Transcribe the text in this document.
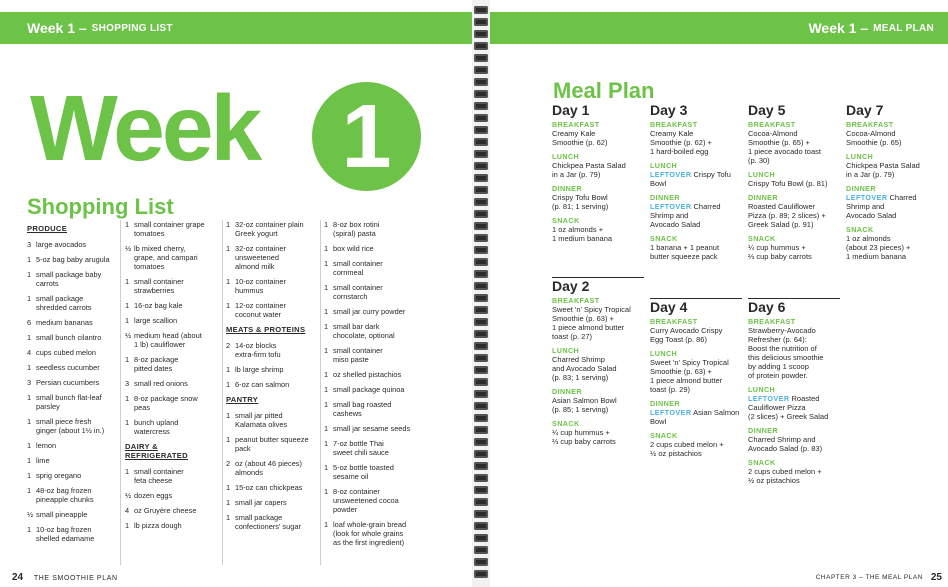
Week 1 – SHOPPING LIST	Week 1 – MEAL PLAN
Week 1
Shopping List
PRODUCE
3 large avocados
1 5-oz bag baby arugula
1 small package baby
carrots
1 small package
shredded carrots
6 medium bananas
1 small bunch cilantro
4 cups cubed melon
1 seedless cucumber
3 Persian cucumbers
1 small bunch flat-leaf
parsley
1 small piece fresh
ginger (about 1½ in.)
1 lemon
1 lime
1 sprig oregano
1 48-oz bag frozen
pineapple chunks
½ small pineapple
1 10-oz bag frozen
shelled edamame
1 small container grape
tomatoes
½ lb mixed cherry,
grape, and campari
tomatoes
1 small container
strawberries
1 16-oz bag kale
1 large scallion
½ medium head (about
1 lb) cauliflower
1 8-oz package
pitted dates
3 small red onions
1 8-oz package snow
peas
1 bunch upland
watercress
DAIRY &
REFRIGERATED
1 small container
feta cheese
½ dozen eggs
4 oz Gruyère cheese
1 lb pizza dough
1 32-oz container plain
Greek yogurt
1 32-oz container
unsweetened
almond milk
1 10-oz container
hummus
1 12-oz container
coconut water
MEATS & PROTEINS
2 14-oz blocks
extra-firm tofu
1 lb large shrimp
1 6-oz can salmon
PANTRY
1 small jar pitted
Kalamata olives
1 peanut butter squeeze
pack
2 oz (about 46 pieces)
almonds
1 15-oz can chickpeas
1 small jar capers
1 small package
confectioners' sugar
1 8-oz box rotini
(spiral) pasta
1 box wild rice
1 small container
cornmeal
1 small container
cornstarch
1 small jar curry powder
1 small bar dark
chocolate, optional
1 small container
miso paste
1 oz shelled pistachios
1 small package quinoa
1 small bag roasted
cashews
1 small jar sesame seeds
1 7-oz bottle Thai
sweet chili sauce
1 5-oz bottle toasted
sesame oil
1 8-oz container
unsweetened cocoa
powder
1 loaf whole-grain bread
(look for whole grains
as the first ingredient)
24 THE SMOOTHIE PLAN	CHAPTER 3 – THE MEAL PLAN 25
Meal Plan
Day 1
BREAKFAST
Creamy Kale
Smoothie (p. 62)
LUNCH
Chickpea Pasta Salad
in a Jar (p. 79)
DINNER
Crispy Tofu Bowl
(p. 81; 1 serving)
SNACK
1 oz almonds +
1 medium banana
Day 2
BREAKFAST
Sweet 'n' Spicy Tropical
Smoothie (p. 63) +
1 piece almond butter
toast (p. 27)
LUNCH
Charred Shrimp
and Avocado Salad
(p. 83; 1 serving)
DINNER
Asian Salmon Bowl
(p. 85; 1 serving)
SNACK
¼ cup hummus +
⅔ cup baby carrots
Day 3
BREAKFAST
Creamy Kale
Smoothie (p. 62) +
1 hard-boiled egg
LUNCH
LEFTOVER Crispy Tofu Bowl
DINNER
LEFTOVER Charred Shrimp and
Avocado Salad
SNACK
1 banana + 1 peanut
butter squeeze pack
Day 4
BREAKFAST
Curry Avocado Crispy
Egg Toast (p. 86)
LUNCH
Sweet 'n' Spicy Tropical
Smoothie (p. 63) +
1 piece almond butter
toast (p. 29)
DINNER
LEFTOVER Asian Salmon Bowl
SNACK
2 cups cubed melon +
½ oz pistachios
Day 5
BREAKFAST
Cocoa-Almond
Smoothie (p. 65) +
1 piece avocado toast
(p. 30)
LUNCH
Crispy Tofu Bowl (p. 81)
DINNER
Roasted Cauliflower
Pizza (p. 89; 2 slices) +
Greek Salad (p. 91)
SNACK
¼ cup hummus +
⅔ cup baby carrots
Day 6
BREAKFAST
Strawberry-Avocado
Refresher (p. 64):
Boost the nutrition of
this delicious smoothie
by adding 1 scoop
of protein powder.
LUNCH
LEFTOVER Roasted Cauliflower Pizza
(2 slices) + Greek Salad
DINNER
Charred Shrimp and
Avocado Salad (p. 83)
SNACK
2 cups cubed melon +
½ oz pistachios
Day 7
BREAKFAST
Cocoa-Almond
Smoothie (p. 65)
LUNCH
Chickpea Pasta Salad
in a Jar (p. 79)
DINNER
LEFTOVER Charred Shrimp and
Avocado Salad
SNACK
1 oz almonds
(about 23 pieces) +
1 medium banana
